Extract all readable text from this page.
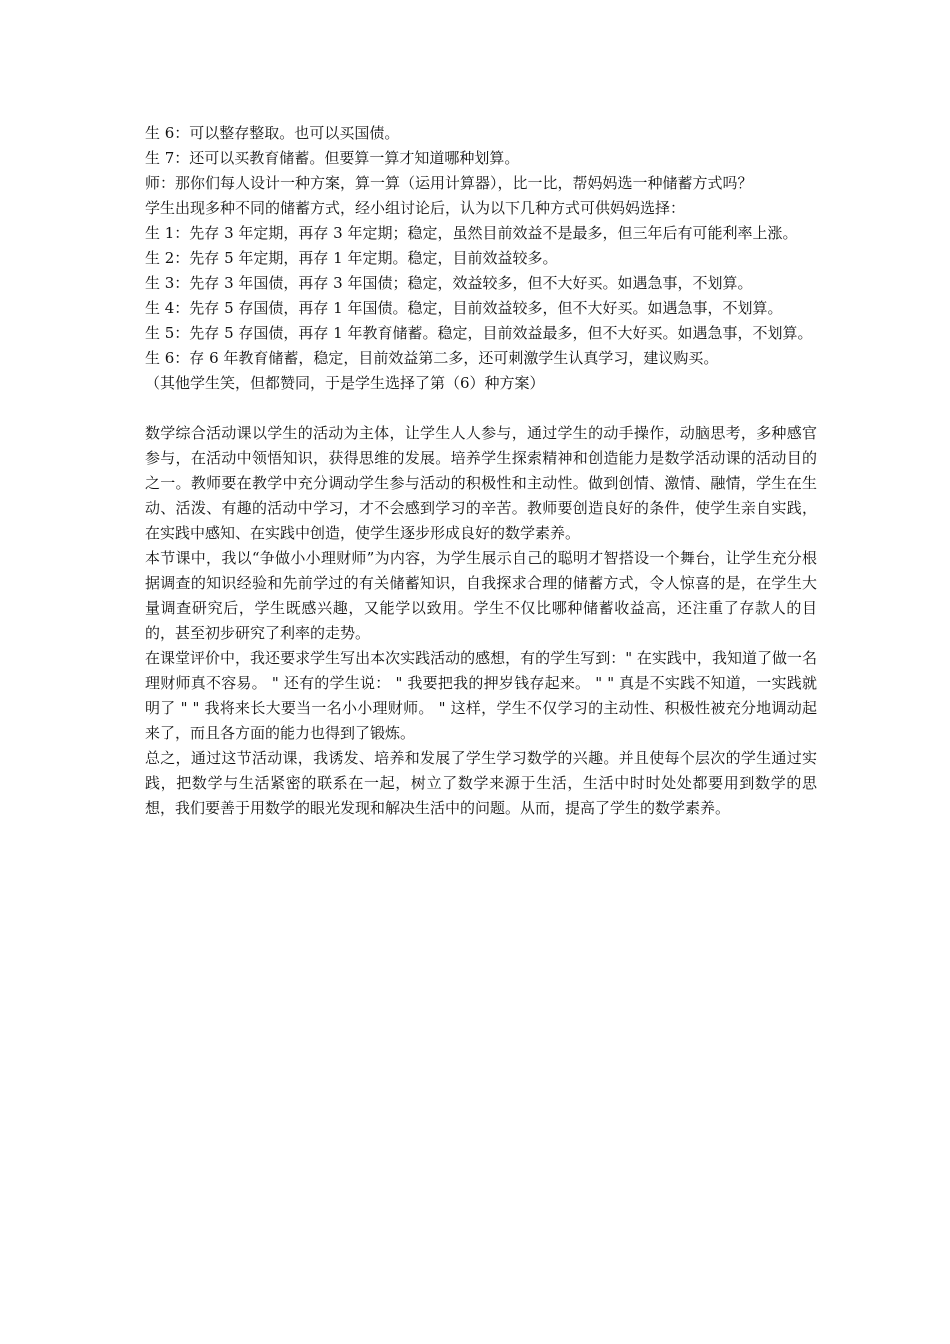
生 6：可以整存整取。也可以买国债。

生 7：还可以买教育储蓄。但要算一算才知道哪种划算。

师：那你们每人设计一种方案，算一算（运用计算器），比一比，帮妈妈选一种储蓄方式吗？

学生出现多种不同的储蓄方式，经小组讨论后，认为以下几种方式可供妈妈选择：

生 1：先存 3 年定期，再存 3 年定期；稳定，虽然目前效益不是最多，但三年后有可能利率上涨。

生 2：先存 5 年定期，再存 1 年定期。稳定，目前效益较多。

生 3：先存 3 年国债，再存 3 年国债；稳定，效益较多，但不大好买。如遇急事，不划算。

生 4：先存 5 存国债，再存 1 年国债。稳定，目前效益较多，但不大好买。如遇急事，不划算。

生 5：先存 5 存国债，再存 1 年教育储蓄。稳定，目前效益最多，但不大好买。如遇急事，不划算。

生 6：存 6 年教育储蓄，稳定，目前效益第二多，还可刺激学生认真学习，建议购买。

（其他学生笑，但都赞同，于是学生选择了第（6）种方案）

数学综合活动课以学生的活动为主体，让学生人人参与，通过学生的动手操作，动脑思考，多种感官参与，在活动中领悟知识，获得思维的发展。培养学生探索精神和创造能力是数学活动课的活动目的之一。教师要在教学中充分调动学生参与活动的积极性和主动性。做到创情、激情、融情，学生在生动、活泼、有趣的活动中学习，才不会感到学习的辛苦。教师要创造良好的条件，使学生亲自实践，在实践中感知、在实践中创造，使学生逐步形成良好的数学素养。

本节课中，我以“争做小小理财师”为内容，为学生展示自己的聪明才智搭设一个舞台，让学生充分根据调查的知识经验和先前学过的有关储蓄知识，自我探求合理的储蓄方式，令人惊喜的是，在学生大量调查研究后，学生既感兴趣，又能学以致用。学生不仅比哪种储蓄收益高，还注重了存款人的目的，甚至初步研究了利率的走势。

在课堂评价中，我还要求学生写出本次实践活动的感想，有的学生写到：" 在实践中，我知道了做一名理财师真不容易。 " 还有的学生说： " 我要把我的押岁钱存起来。 " " 真是不实践不知道，一实践就明了 " " 我将来长大要当一名小小理财师。 " 这样，学生不仅学习的主动性、积极性被充分地调动起来了，而且各方面的能力也得到了锻炼。

总之，通过这节活动课，我诱发、培养和发展了学生学习数学的兴趣。并且使每个层次的学生通过实践，把数学与生活紧密的联系在一起，树立了数学来源于生活，生活中时时处处都要用到数学的思想，我们要善于用数学的眼光发现和解决生活中的问题。从而，提高了学生的数学素养。
